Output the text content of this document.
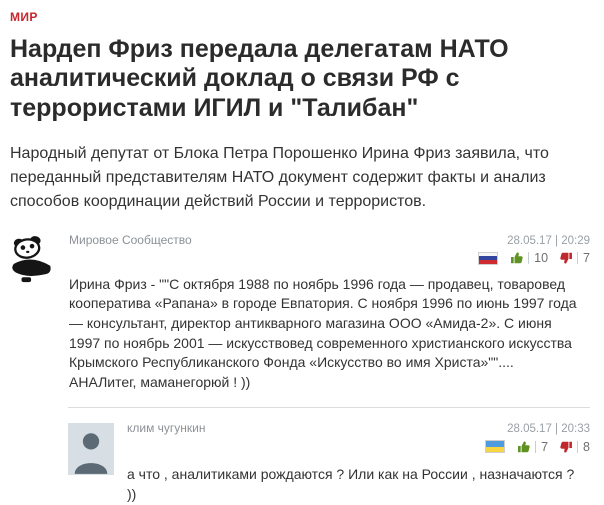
МИР
Нардеп Фриз передала делегатам НАТО аналитический доклад о связи РФ с террористами ИГИЛ и "Талибан"

Народный депутат от Блока Петра Порошенко Ирина Фриз заявила, что переданный представителям НАТО документ содержит факты и анализ способов координации действий России и террористов.

Мировое Сообщество	28.05.17 | 20:29
10	7

Ирина Фриз - ""С октября 1988 по ноябрь 1996 года — продавец, товаровед кооператива «Рапана» в городе Евпатория. С ноября 1996 по июнь 1997 года — консультант, директор антикварного магазина ООО «Амида-2». С июня 1997 по ноябрь 2001 — искусствовед современного христианского искусства Крымского Республиканского Фонда «Искусство во имя Христа»"".... АНАЛитег, маманегорюй ! ))

клим чугункин	28.05.17 | 20:33
7	8

а что , аналитиками рождаются ? Или как на России , назначаются ? ))
